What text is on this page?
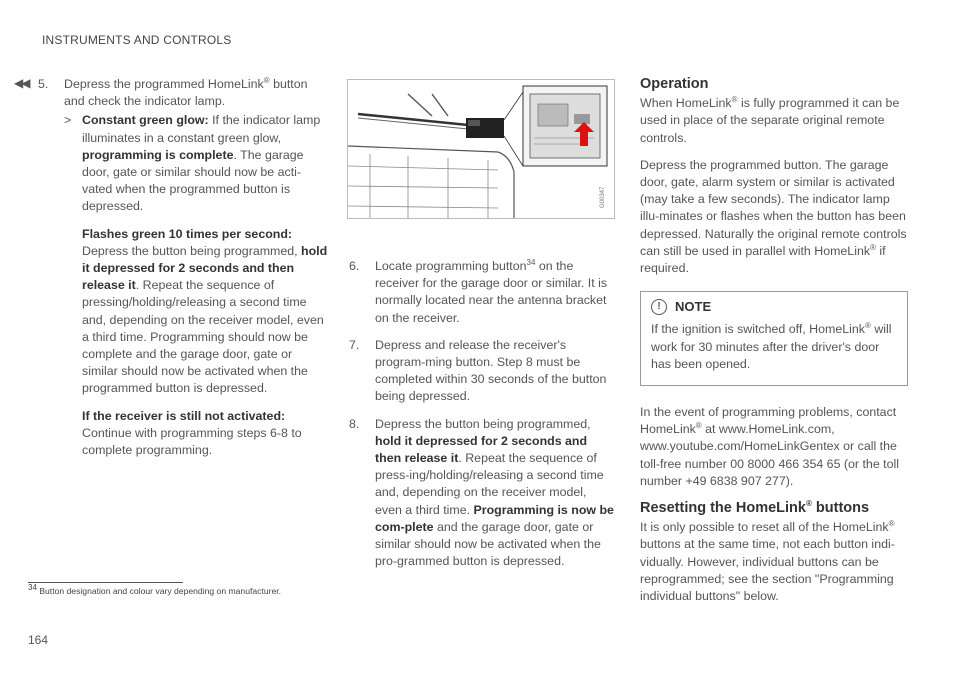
INSTRUMENTS AND CONTROLS
◀◀ 5. Depress the programmed HomeLink® button and check the indicator lamp.
> Constant green glow: If the indicator lamp illuminates in a constant green glow, programming is complete. The garage door, gate or similar should now be acti-vated when the programmed button is depressed.

Flashes green 10 times per second:
Depress the button being programmed, hold it depressed for 2 seconds and then release it. Repeat the sequence of pressing/holding/releasing a second time and, depending on the receiver model, even a third time. Programming should now be complete and the garage door, gate or similar should now be activated when the programmed button is depressed.

If the receiver is still not activated:
Continue with programming steps 6-8 to complete programming.

G00347
6. Locate programming button$^{34}$ on the receiver for the garage door or similar. It is normally located near the antenna bracket on the receiver.
7. Depress and release the receiver's program-ming button. Step 8 must be completed within 30 seconds of the button being depressed.
8. Depress the button being programmed, hold it depressed for 2 seconds and then release it. Repeat the sequence of press-ing/holding/releasing a second time and, depending on the receiver model, even a third time. Programming is now be com-plete and the garage door, gate or similar should now be activated when the pro-grammed button is depressed.
Operation

When HomeLink® is fully programmed it can be used in place of the separate original remote controls.

Depress the programmed button. The garage door, gate, alarm system or similar is activated (may take a few seconds). The indicator lamp illu-minates or flashes when the button has been depressed. Naturally the original remote controls can still be used in parallel with HomeLink® if required.

!	NOTE
If the ignition is switched off, HomeLink® will work for 30 minutes after the driver's door has been opened.

In the event of programming problems, contact HomeLink® at www.HomeLink.com, www.youtube.com/HomeLinkGentex or call the toll-free number 00 8000 466 354 65 (or the toll number +49 6838 907 277).

Resetting the HomeLink® buttons

It is only possible to reset all of the HomeLink® buttons at the same time, not each button indi-vidually. However, individual buttons can be reprogrammed; see the section "Programming individual buttons" below.

$^{34}$ Button designation and colour vary depending on manufacturer.
164
